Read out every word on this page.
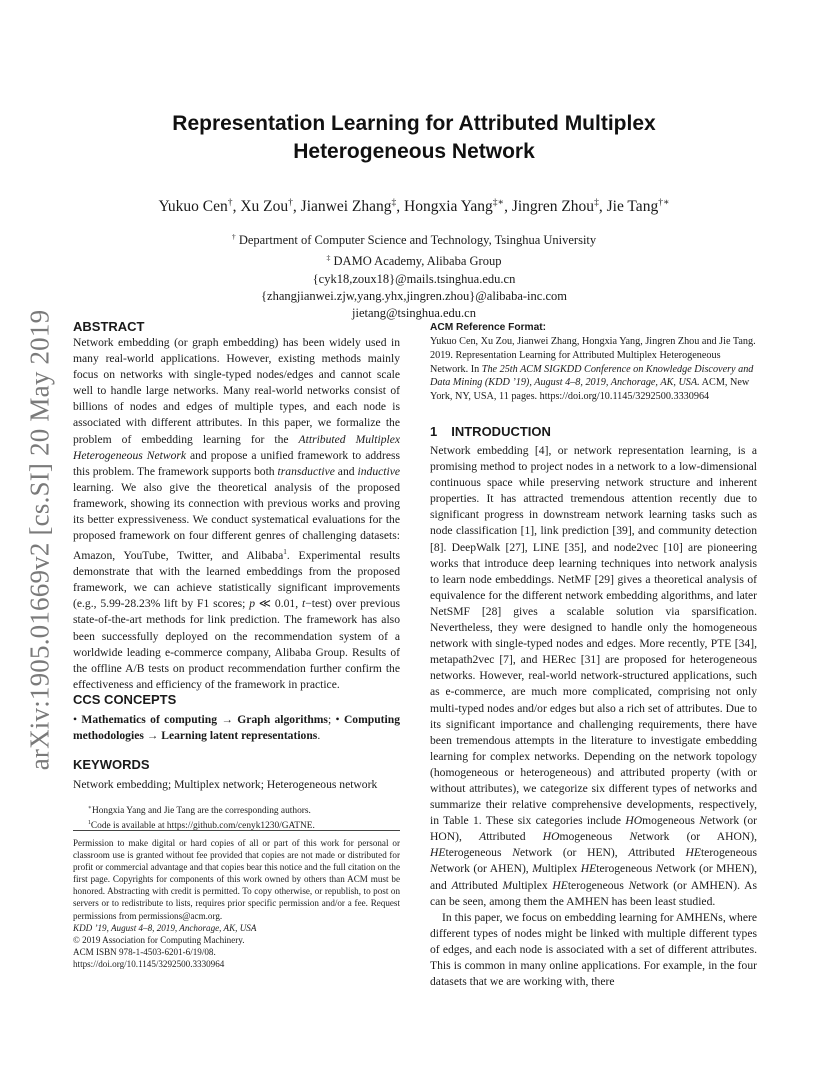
arXiv:1905.01669v2 [cs.SI] 20 May 2019
Representation Learning for Attributed Multiplex
Heterogeneous Network
Yukuo Cen†, Xu Zou†, Jianwei Zhang‡, Hongxia Yang‡∗, Jingren Zhou‡, Jie Tang†∗
† Department of Computer Science and Technology, Tsinghua University
‡ DAMO Academy, Alibaba Group
{cyk18,zoux18}@mails.tsinghua.edu.cn
{zhangjianwei.zjw,yang.yhx,jingren.zhou}@alibaba-inc.com
jietang@tsinghua.edu.cn
ABSTRACT

Network embedding (or graph embedding) has been widely used in many real-world applications. However, existing methods mainly focus on networks with single-typed nodes/edges and cannot scale well to handle large networks. Many real-world networks consist of billions of nodes and edges of multiple types, and each node is associated with different attributes. In this paper, we formalize the problem of embedding learning for the Attributed Multiplex Heterogeneous Network and propose a unified framework to address this problem. The framework supports both transductive and inductive learning. We also give the theoretical analysis of the proposed framework, showing its connection with previous works and proving its better expressiveness. We conduct systematical evaluations for the proposed framework on four different genres of challenging datasets: Amazon, YouTube, Twitter, and Alibaba$^1$. Experimental results demonstrate that with the learned embeddings from the proposed framework, we can achieve statistically significant improvements (e.g., 5.99-28.23% lift by F1 scores; p ≪ 0.01, t−test) over previous state-of-the-art methods for link prediction. The framework has also been successfully deployed on the recommendation system of a worldwide leading e-commerce company, Alibaba Group. Results of the offline A/B tests on product recommendation further confirm the effectiveness and efficiency of the framework in practice.

CCS CONCEPTS

• Mathematics of computing → Graph algorithms; • Computing methodologies → Learning latent representations.

KEYWORDS

Network embedding; Multiplex network; Heterogeneous network

∗Hongxia Yang and Jie Tang are the corresponding authors.
$^1$Code is available at https://github.com/cenyk1230/GATNE.

Permission to make digital or hard copies of all or part of this work for personal or classroom use is granted without fee provided that copies are not made or distributed for profit or commercial advantage and that copies bear this notice and the full citation on the first page. Copyrights for components of this work owned by others than ACM must be honored. Abstracting with credit is permitted. To copy otherwise, or republish, to post on servers or to redistribute to lists, requires prior specific permission and/or a fee. Request permissions from permissions@acm.org.

KDD ’19, August 4–8, 2019, Anchorage, AK, USA

© 2019 Association for Computing Machinery.

ACM ISBN 978-1-4503-6201-6/19/08.

https://doi.org/10.1145/3292500.3330964

ACM Reference Format:

Yukuo Cen, Xu Zou, Jianwei Zhang, Hongxia Yang, Jingren Zhou and Jie Tang. 2019. Representation Learning for Attributed Multiplex Heterogeneous Network. In The 25th ACM SIGKDD Conference on Knowledge Discovery and Data Mining (KDD ’19), August 4–8, 2019, Anchorage, AK, USA. ACM, New York, NY, USA, 11 pages. https://doi.org/10.1145/3292500.3330964

1 INTRODUCTION

Network embedding [4], or network representation learning, is a promising method to project nodes in a network to a low-dimensional continuous space while preserving network structure and inherent properties. It has attracted tremendous attention recently due to significant progress in downstream network learning tasks such as node classification [1], link prediction [39], and community detection [8]. DeepWalk [27], LINE [35], and node2vec [10] are pioneering works that introduce deep learning techniques into network analysis to learn node embeddings. NetMF [29] gives a theoretical analysis of equivalence for the different network embedding algorithms, and later NetSMF [28] gives a scalable solution via sparsification. Nevertheless, they were designed to handle only the homogeneous network with single-typed nodes and edges. More recently, PTE [34], metapath2vec [7], and HERec [31] are proposed for heterogeneous networks. However, real-world network-structured applications, such as e-commerce, are much more complicated, comprising not only multi-typed nodes and/or edges but also a rich set of attributes. Due to its significant importance and challenging requirements, there have been tremendous attempts in the literature to investigate embedding learning for complex networks. Depending on the network topology (homogeneous or heterogeneous) and attributed property (with or without attributes), we categorize six different types of networks and summarize their relative comprehensive developments, respectively, in Table 1. These six categories include HOmogeneous Network (or HON), Attributed HOmogeneous Network (or AHON), HEterogeneous Network (or HEN), Attributed HEterogeneous Network (or AHEN), Multiplex HEterogeneous Network (or MHEN), and Attributed Multiplex HEterogeneous Network (or AMHEN). As can be seen, among them the AMHEN has been least studied.

In this paper, we focus on embedding learning for AMHENs, where different types of nodes might be linked with multiple different types of edges, and each node is associated with a set of different attributes. This is common in many online applications. For example, in the four datasets that we are working with, there
